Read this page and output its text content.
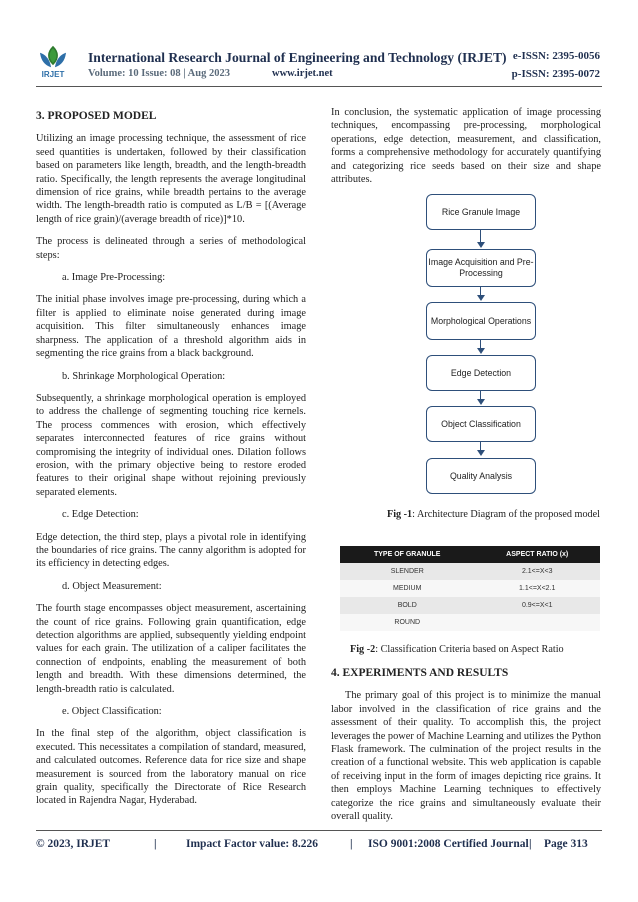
IRJET
International Research Journal of Engineering and Technology (IRJET) e-ISSN: 2395-0056
Volume: 10 Issue: 08 | Aug 2023	www.irjet.net	p-ISSN: 2395-0072
3. PROPOSED MODEL

Utilizing an image processing technique, the assessment of rice seed quantities is undertaken, followed by their classification based on parameters like length, breadth, and the length-breadth ratio. Specifically, the length represents the average longitudinal dimension of rice grains, while breadth pertains to the average width. The length-breadth ratio is computed as L/B = [(Average length of rice grain)/(average breadth of rice)]*10.

The process is delineated through a series of methodological steps:

a. Image Pre-Processing:

The initial phase involves image pre-processing, during which a filter is applied to eliminate noise generated during image acquisition. This filter simultaneously enhances image sharpness. The application of a threshold algorithm aids in segmenting the rice grains from a black background.

b. Shrinkage Morphological Operation:

Subsequently, a shrinkage morphological operation is employed to address the challenge of segmenting touching rice kernels. The process commences with erosion, which effectively separates interconnected features of rice grains without compromising the integrity of individual ones. Dilation follows erosion, with the primary objective being to restore eroded features to their original shape without rejoining previously separated elements.

c. Edge Detection:

Edge detection, the third step, plays a pivotal role in identifying the boundaries of rice grains. The canny algorithm is adopted for its efficiency in detecting edges.

d. Object Measurement:

The fourth stage encompasses object measurement, ascertaining the count of rice grains. Following grain quantification, edge detection algorithms are applied, subsequently yielding endpoint values for each grain. The utilization of a caliper facilitates the connection of endpoints, enabling the measurement of both length and breadth. With these dimensions determined, the length-breadth ratio is calculated.

e. Object Classification:

In the final step of the algorithm, object classification is executed. This necessitates a compilation of standard, measured, and calculated outcomes. Reference data for rice size and shape measurement is sourced from the laboratory manual on rice grain quality, specifically the Directorate of Rice Research located in Rajendra Nagar, Hyderabad.

In conclusion, the systematic application of image processing techniques, encompassing pre-processing, morphological operations, edge detection, measurement, and classification, forms a comprehensive methodology for accurately quantifying and categorizing rice seeds based on their size and shape attributes.

Rice Granule Image
Image Acquisition and Pre-Processing
Morphological Operations
Edge Detection
Object Classification
Quality Analysis
Fig -1: Architecture Diagram of the proposed model
TYPE OF GRANULE	ASPECT RATIO (x)
SLENDER	2.1<=X<3
MEDIUM	1.1<=X<2.1
BOLD	0.9<=X<1
ROUND	
Fig -2: Classification Criteria based on Aspect Ratio
4. EXPERIMENTS AND RESULTS

The primary goal of this project is to minimize the manual labor involved in the classification of rice grains and the assessment of their quality. To accomplish this, the project leverages the power of Machine Learning and utilizes the Python Flask framework. The culmination of the project results in the creation of a functional website. This web application is capable of receiving input in the form of images depicting rice grains. It then employs Machine Learning techniques to effectively categorize the rice grains and simultaneously evaluate their overall quality.

© 2023, IRJET	|	Impact Factor value: 8.226	| ISO 9001:2008 Certified Journal | Page 313
